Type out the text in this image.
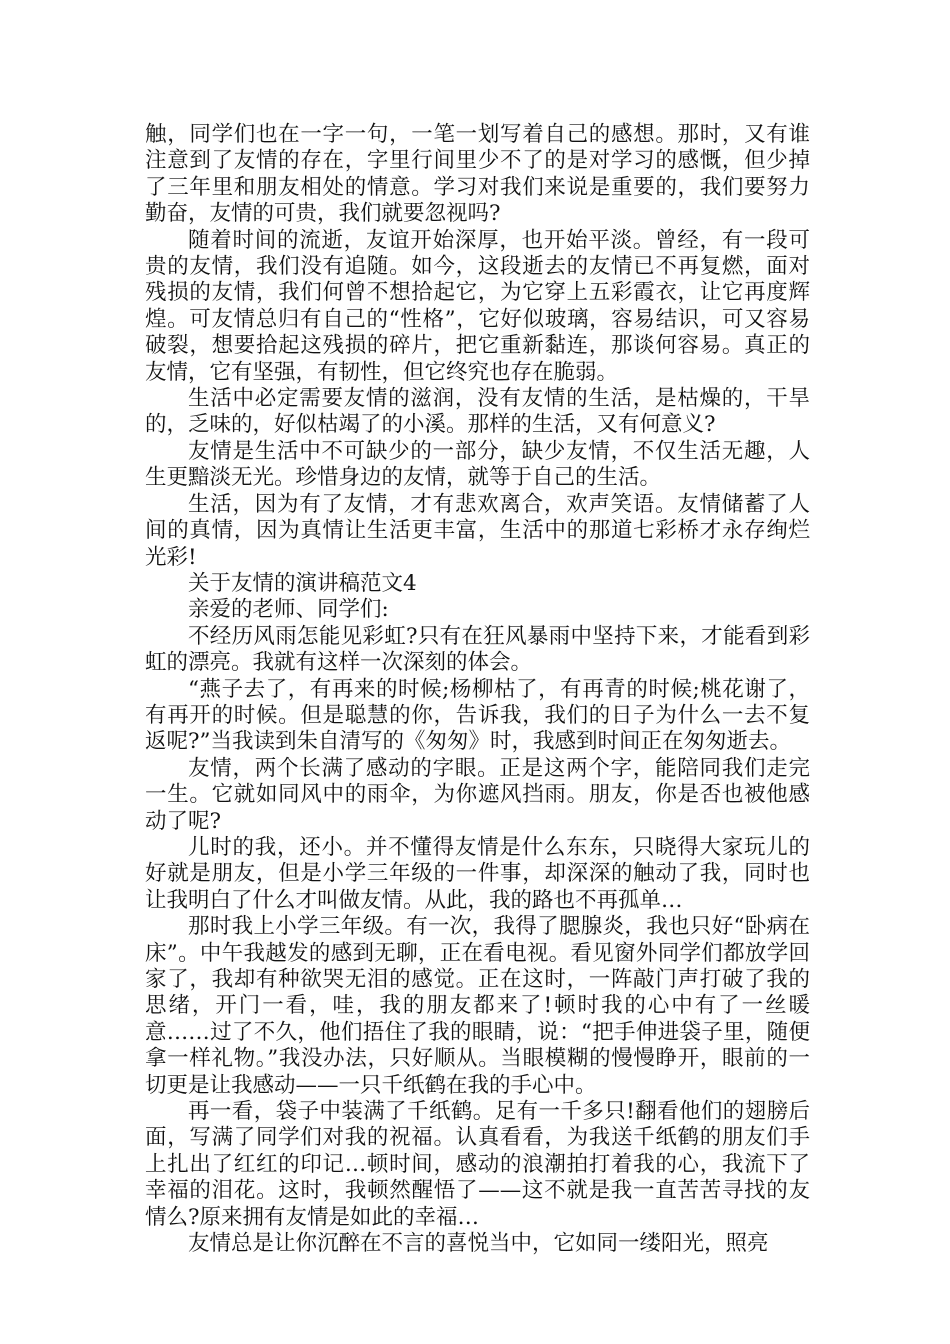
触，同学们也在一字一句，一笔一划写着自己的感想。那时，又有谁注意到了友情的存在，字里行间里少不了的是对学习的感慨，但少掉了三年里和朋友相处的情意。学习对我们来说是重要的，我们要努力勤奋，友情的可贵，我们就要忽视吗?

随着时间的流逝，友谊开始深厚，也开始平淡。曾经，有一段可贵的友情，我们没有追随。如今，这段逝去的友情已不再复燃，面对残损的友情，我们何曾不想拾起它，为它穿上五彩霞衣，让它再度辉煌。可友情总归有自己的“性格”，它好似玻璃，容易结识，可又容易破裂，想要拾起这残损的碎片，把它重新黏连，那谈何容易。真正的友情，它有坚强，有韧性，但它终究也存在脆弱。

生活中必定需要友情的滋润，没有友情的生活，是枯燥的，干旱的，乏味的，好似枯竭了的小溪。那样的生活，又有何意义?

友情是生活中不可缺少的一部分，缺少友情，不仅生活无趣，人生更黯淡无光。珍惜身边的友情，就等于自己的生活。

生活，因为有了友情，才有悲欢离合，欢声笑语。友情储蓄了人间的真情，因为真情让生活更丰富，生活中的那道七彩桥才永存绚烂光彩!

关于友情的演讲稿范文4

亲爱的老师、同学们:

不经历风雨怎能见彩虹?只有在狂风暴雨中坚持下来，才能看到彩虹的漂亮。我就有这样一次深刻的体会。

“燕子去了，有再来的时候;杨柳枯了，有再青的时候;桃花谢了，有再开的时候。但是聪慧的你，告诉我，我们的日子为什么一去不复返呢?”当我读到朱自清写的《匆匆》时，我感到时间正在匆匆逝去。

友情，两个长满了感动的字眼。正是这两个字，能陪同我们走完一生。它就如同风中的雨伞，为你遮风挡雨。朋友，你是否也被他感动了呢?

儿时的我，还小。并不懂得友情是什么东东，只晓得大家玩儿的好就是朋友，但是小学三年级的一件事，却深深的触动了我，同时也让我明白了什么才叫做友情。从此，我的路也不再孤单…

那时我上小学三年级。有一次，我得了腮腺炎，我也只好“卧病在床”。中午我越发的感到无聊，正在看电视。看见窗外同学们都放学回家了，我却有种欲哭无泪的感觉。正在这时，一阵敲门声打破了我的思绪，开门一看，哇，我的朋友都来了!顿时我的心中有了一丝暖意……过了不久，他们捂住了我的眼睛，说：“把手伸进袋子里，随便拿一样礼物。”我没办法，只好顺从。当眼模糊的慢慢睁开，眼前的一切更是让我感动——一只千纸鹤在我的手心中。

再一看，袋子中装满了千纸鹤。足有一千多只!翻看他们的翅膀后面，写满了同学们对我的祝福。认真看看，为我送千纸鹤的朋友们手上扎出了红红的印记…顿时间，感动的浪潮拍打着我的心，我流下了幸福的泪花。这时，我顿然醒悟了——这不就是我一直苦苦寻找的友情么?原来拥有友情是如此的幸福…

友情总是让你沉醉在不言的喜悦当中，它如同一缕阳光，照亮
